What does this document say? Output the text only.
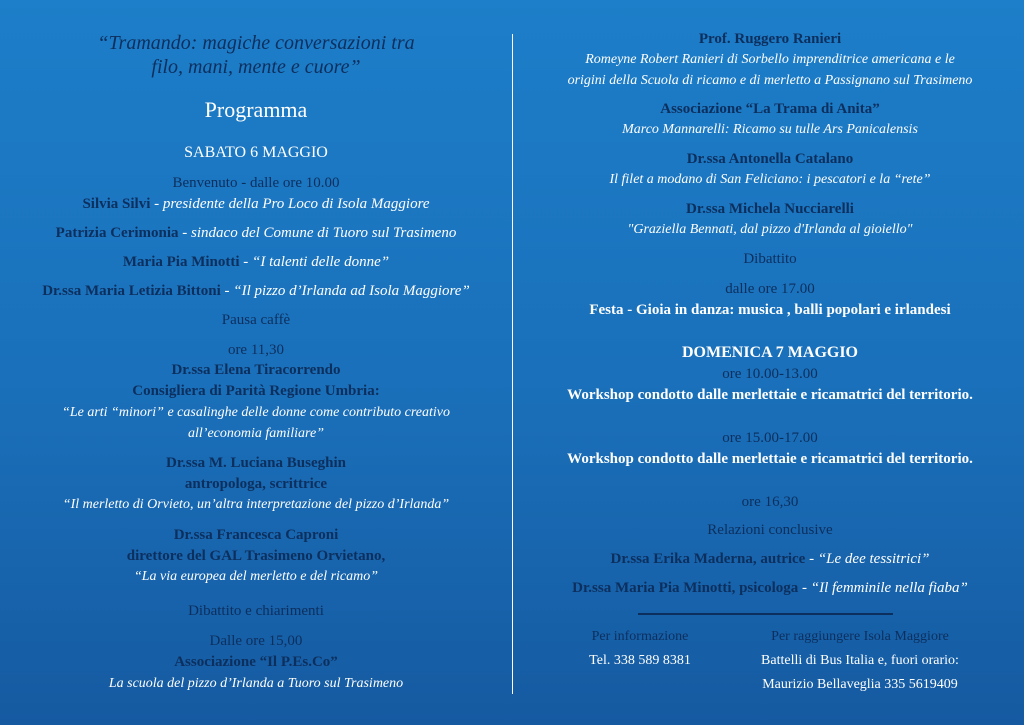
“Tramando: magiche conversazioni tra
filo, mani, mente e cuore”
Programma
SABATO 6 MAGGIO
Benvenuto - dalle ore 10.00
Silvia Silvi - presidente della Pro Loco di Isola Maggiore
Patrizia Cerimonia - sindaco del Comune di Tuoro sul Trasimeno
Maria Pia Minotti - “I talenti delle donne”
Dr.ssa Maria Letizia Bittoni - “Il pizzo d’Irlanda ad Isola Maggiore”
Pausa caffè
ore 11,30
Dr.ssa Elena Tiracorrendo
Consigliera di Parità Regione Umbria:
“Le arti “minori” e casalinghe delle donne come contributo creativo
all’economia familiare”
Dr.ssa M. Luciana Buseghin
antropologa, scrittrice
“Il merletto di Orvieto, un’altra interpretazione del pizzo d’Irlanda”
Dr.ssa Francesca Caproni
direttore del GAL Trasimeno Orvietano,
“La via europea del merletto e del ricamo”
Dibattito e chiarimenti
Dalle ore 15,00
Associazione “Il P.Es.Co”
La scuola del pizzo d’Irlanda a Tuoro sul Trasimeno
Prof. Ruggero Ranieri
Romeyne Robert Ranieri di Sorbello imprenditrice americana e le
origini della Scuola di ricamo e di merletto a Passignano sul Trasimeno
Associazione “La Trama di Anita”
Marco Mannarelli: Ricamo su tulle Ars Panicalensis
Dr.ssa Antonella Catalano
Il filet a modano di San Feliciano: i pescatori e la “rete”
Dr.ssa Michela Nucciarelli
"Graziella Bennati, dal pizzo d'Irlanda al gioiello"
Dibattito
dalle ore 17.00
Festa - Gioia in danza: musica , balli popolari e irlandesi
DOMENICA 7 MAGGIO
ore 10.00-13.00
Workshop condotto dalle merlettaie e ricamatrici del territorio.
ore 15.00-17.00
Workshop condotto dalle merlettaie e ricamatrici del territorio.
ore 16,30
Relazioni conclusive
Dr.ssa Erika Maderna, autrice - “Le dee tessitrici”
Dr.ssa Maria Pia Minotti, psicologa - “Il femminile nella fiaba”
Per informazione
Tel. 338 589 8381
Per raggiungere Isola Maggiore
Battelli di Bus Italia e, fuori orario:
Maurizio Bellaveglia 335 5619409
